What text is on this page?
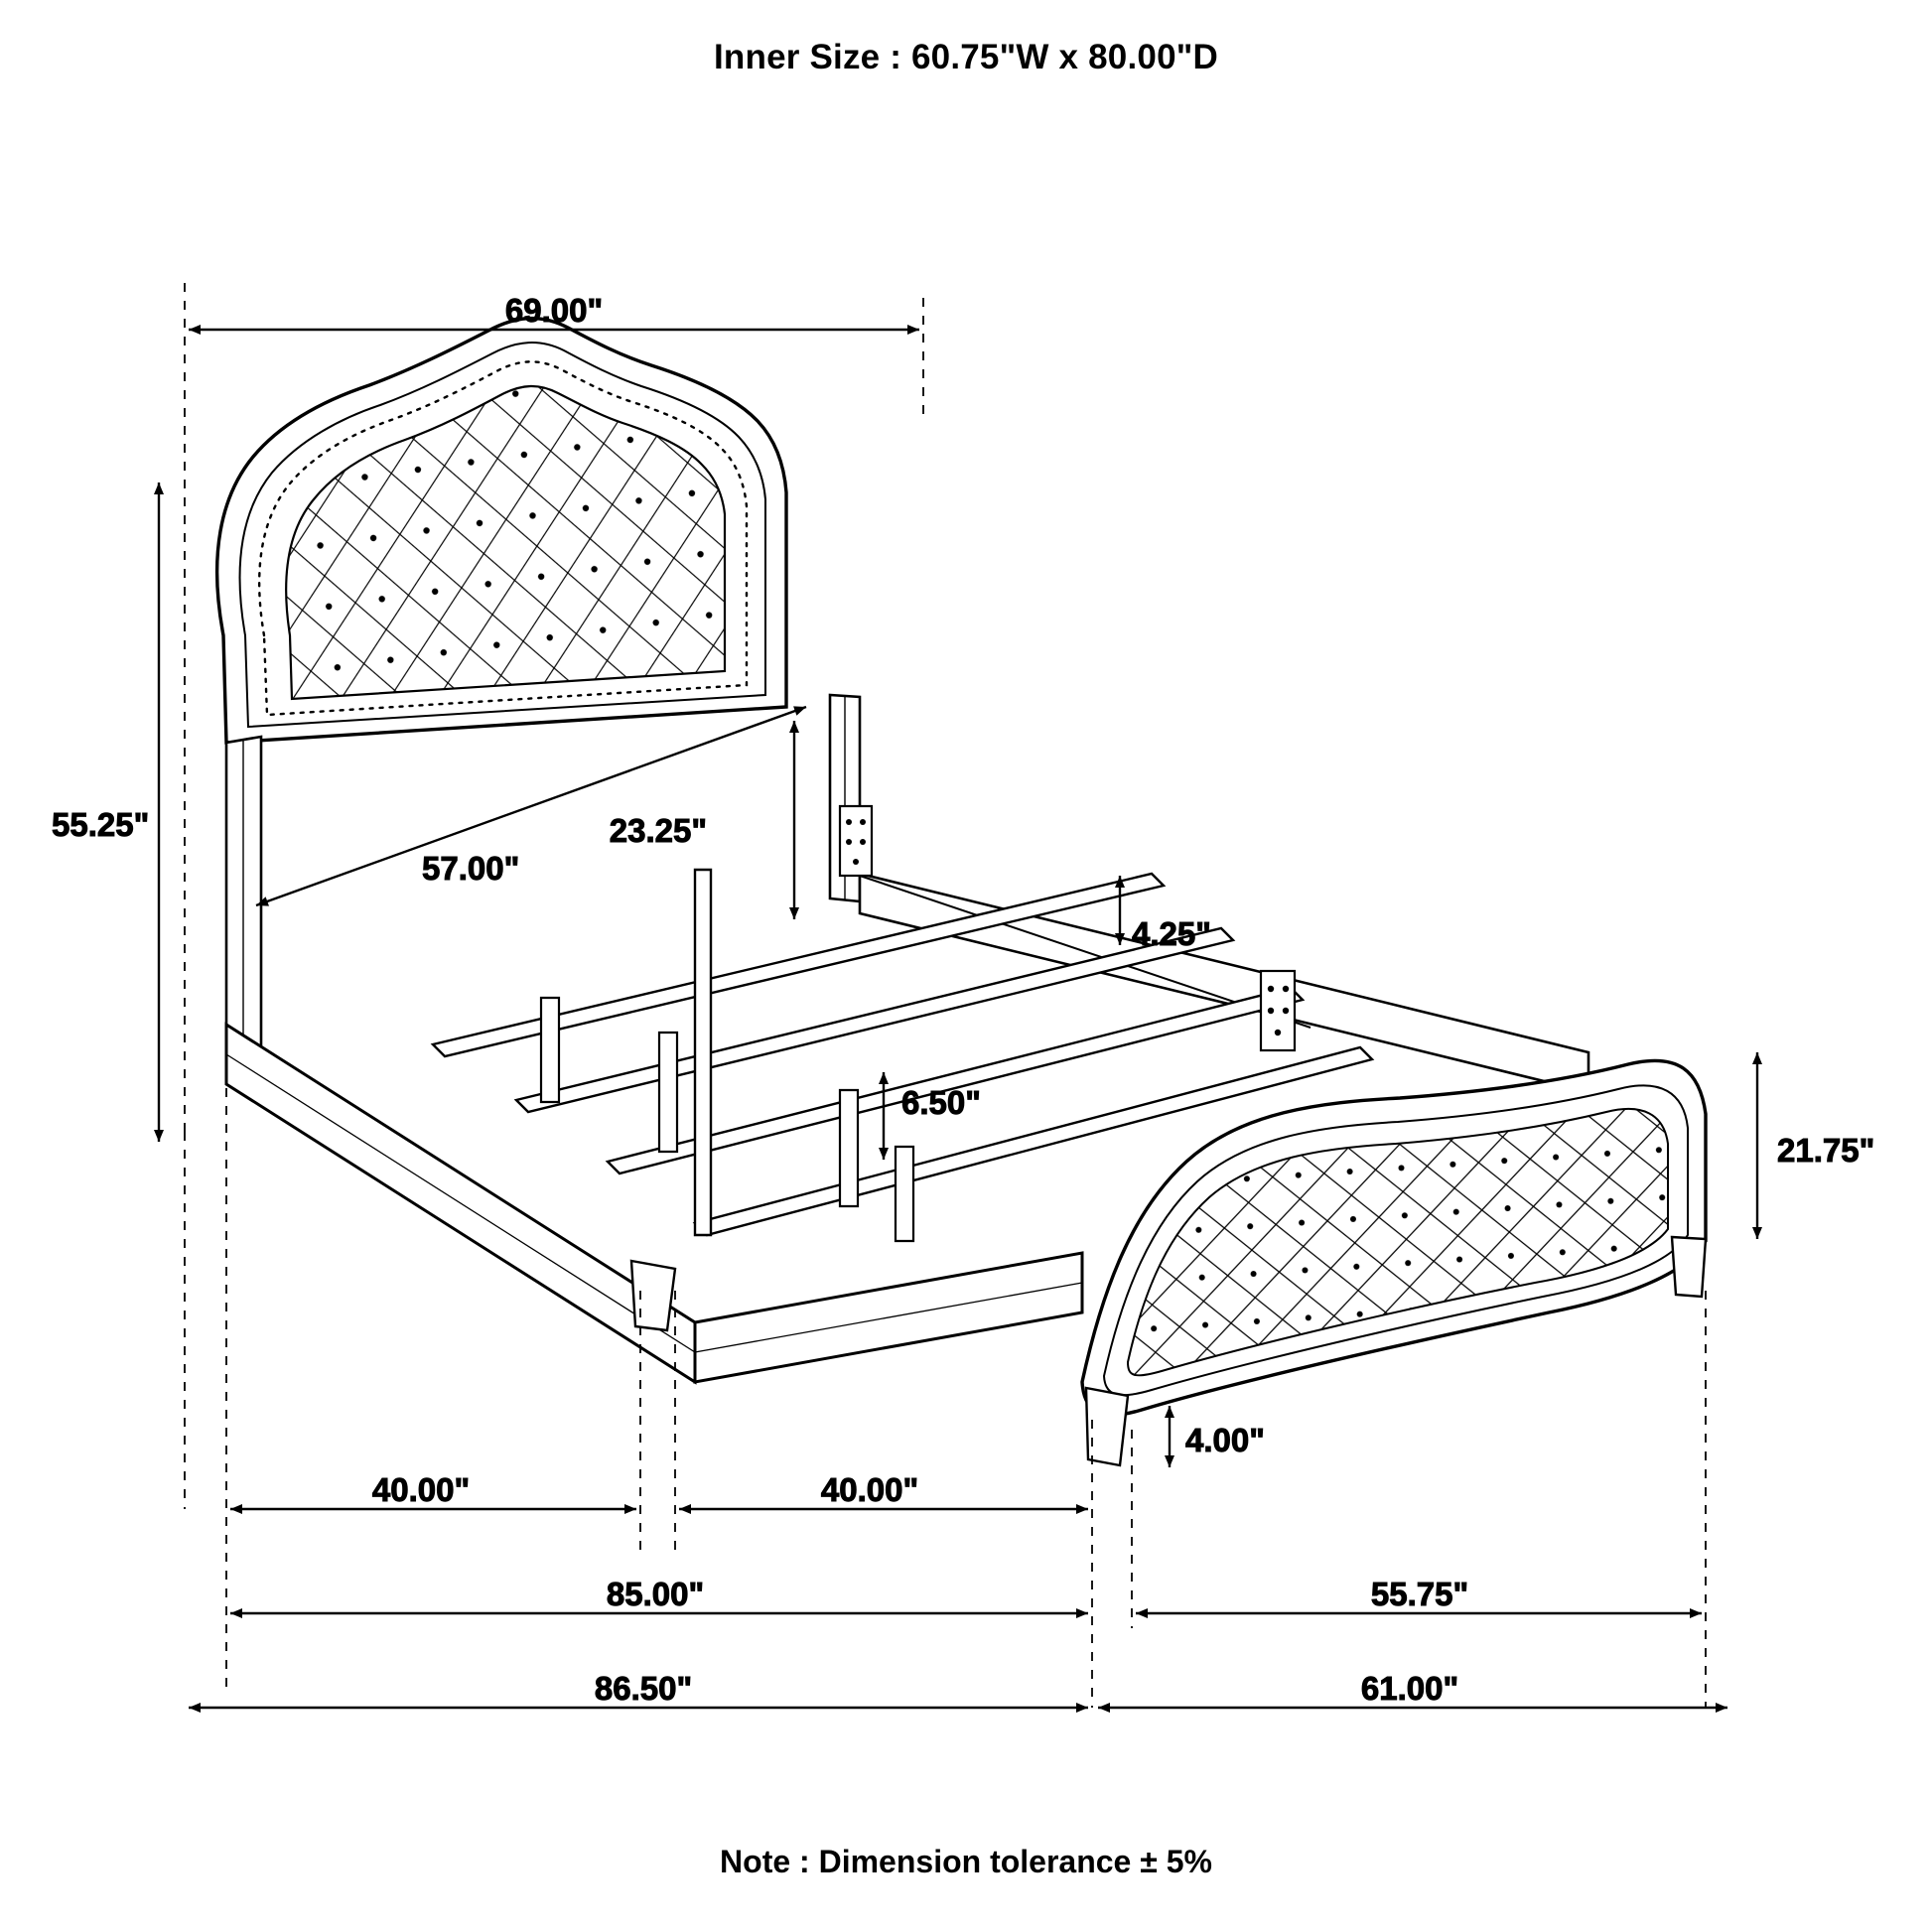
Inner Size : 60.75"W x 80.00"D
69.00"
55.25"
57.00"
23.25"
4.25"
6.50"
21.75"
4.00"
40.00"	40.00"
85.00"	55.75"
86.50"	61.00"
Note : Dimension tolerance ± 5%
